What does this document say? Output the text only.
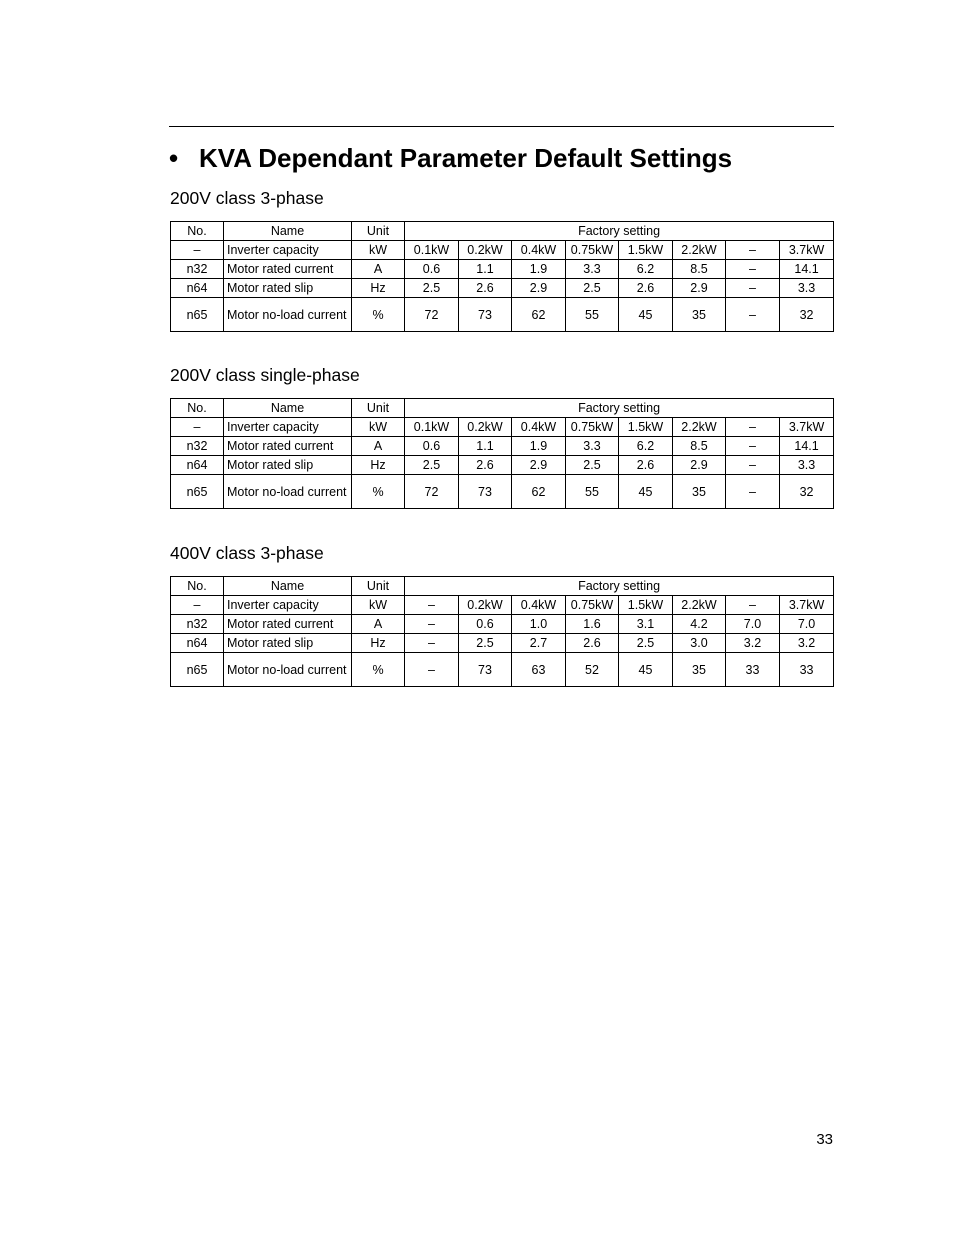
• KVA Dependant Parameter Default Settings
200V class 3-phase
No.	Name	Unit	Factory setting							
–	Inverter capacity	kW	0.1kW	0.2kW	0.4kW	0.75kW	1.5kW	2.2kW	–	3.7kW
n32	Motor rated current	A	0.6	1.1	1.9	3.3	6.2	8.5	–	14.1
n64	Motor rated slip	Hz	2.5	2.6	2.9	2.5	2.6	2.9	–	3.3
n65	Motor no-load current	%	72	73	62	55	45	35	–	32
200V class single-phase
No.	Name	Unit	Factory setting							
–	Inverter capacity	kW	0.1kW	0.2kW	0.4kW	0.75kW	1.5kW	2.2kW	–	3.7kW
n32	Motor rated current	A	0.6	1.1	1.9	3.3	6.2	8.5	–	14.1
n64	Motor rated slip	Hz	2.5	2.6	2.9	2.5	2.6	2.9	–	3.3
n65	Motor no-load current	%	72	73	62	55	45	35	–	32
400V class 3-phase
No.	Name	Unit	Factory setting							
–	Inverter capacity	kW	–	0.2kW	0.4kW	0.75kW	1.5kW	2.2kW	–	3.7kW
n32	Motor rated current	A	–	0.6	1.0	1.6	3.1	4.2	7.0	7.0
n64	Motor rated slip	Hz	–	2.5	2.7	2.6	2.5	3.0	3.2	3.2
n65	Motor no-load current	%	–	73	63	52	45	35	33	33
33
